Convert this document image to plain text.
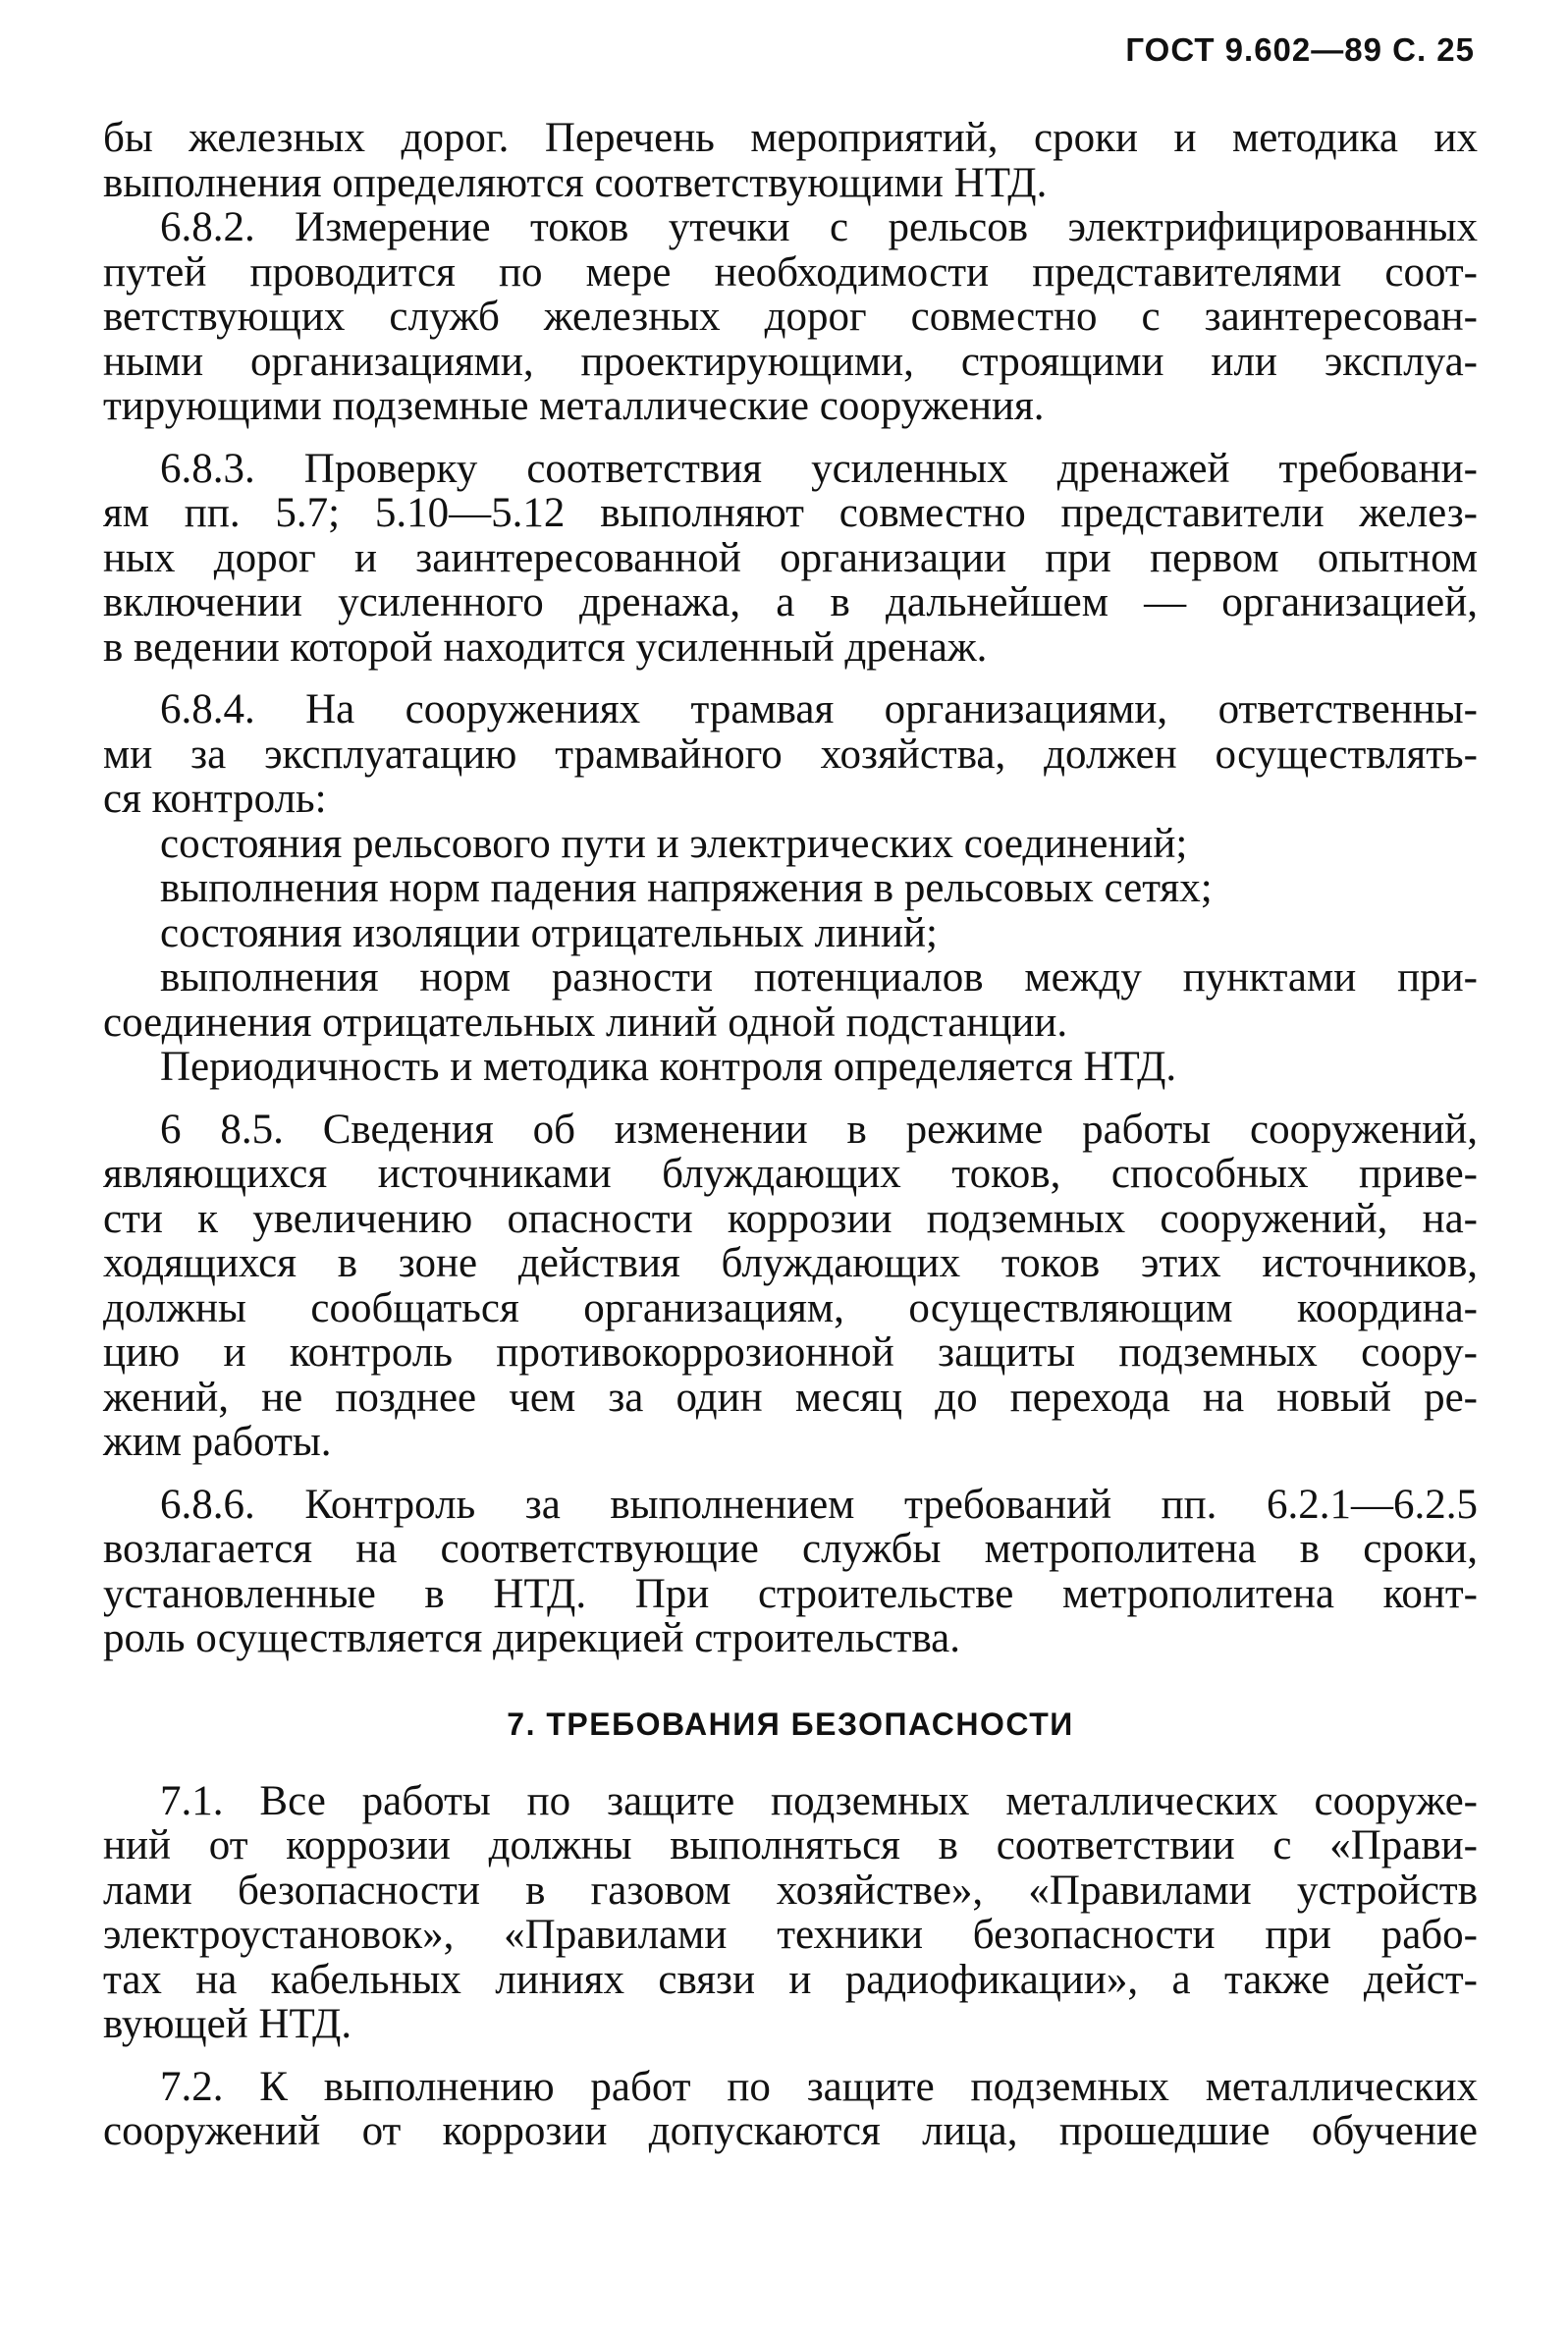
ГОСТ 9.602—89 С. 25
бы железных дорог. Перечень мероприятий, сроки и методика их
выполнения определяются соответствующими НТД.
6.8.2. Измерение токов утечки с рельсов электрифицированных
путей проводится по мере необходимости представителями соот-
ветствующих служб железных дорог совместно с заинтересован-
ными организациями, проектирующими, строящими или эксплуа-
тирующими подземные металлические сооружения.
6.8.3. Проверку соответствия усиленных дренажей требовани-
ям пп. 5.7; 5.10—5.12 выполняют совместно представители желез-
ных дорог и заинтересованной организации при первом опытном
включении усиленного дренажа, а в дальнейшем — организацией,
в ведении которой находится усиленный дренаж.
6.8.4. На сооружениях трамвая организациями, ответственны-
ми за эксплуатацию трамвайного хозяйства, должен осуществлять-
ся контроль:
состояния рельсового пути и электрических соединений;
выполнения норм падения напряжения в рельсовых сетях;
состояния изоляции отрицательных линий;
выполнения норм разности потенциалов между пунктами при-
соединения отрицательных линий одной подстанции.
Периодичность и методика контроля определяется НТД.
6 8.5. Сведения об изменении в режиме работы сооружений,
являющихся источниками блуждающих токов, способных приве-
сти к увеличению опасности коррозии подземных сооружений, на-
ходящихся в зоне действия блуждающих токов этих источников,
должны сообщаться организациям, осуществляющим координа-
цию и контроль противокоррозионной защиты подземных соору-
жений, не позднее чем за один месяц до перехода на новый ре-
жим работы.
6.8.6. Контроль за выполнением требований пп. 6.2.1—6.2.5
возлагается на соответствующие службы метрополитена в сроки,
установленные в НТД. При строительстве метрополитена конт-
роль осуществляется дирекцией строительства.
7. ТРЕБОВАНИЯ БЕЗОПАСНОСТИ
7.1. Все работы по защите подземных металлических сооруже-
ний от коррозии должны выполняться в соответствии с «Прави-
лами безопасности в газовом хозяйстве», «Правилами устройств
электроустановок», «Правилами техники безопасности при рабо-
тах на кабельных линиях связи и радиофикации», а также дейст-
вующей НТД.
7.2. К выполнению работ по защите подземных металлических
сооружений от коррозии допускаются лица, прошедшие обучение
